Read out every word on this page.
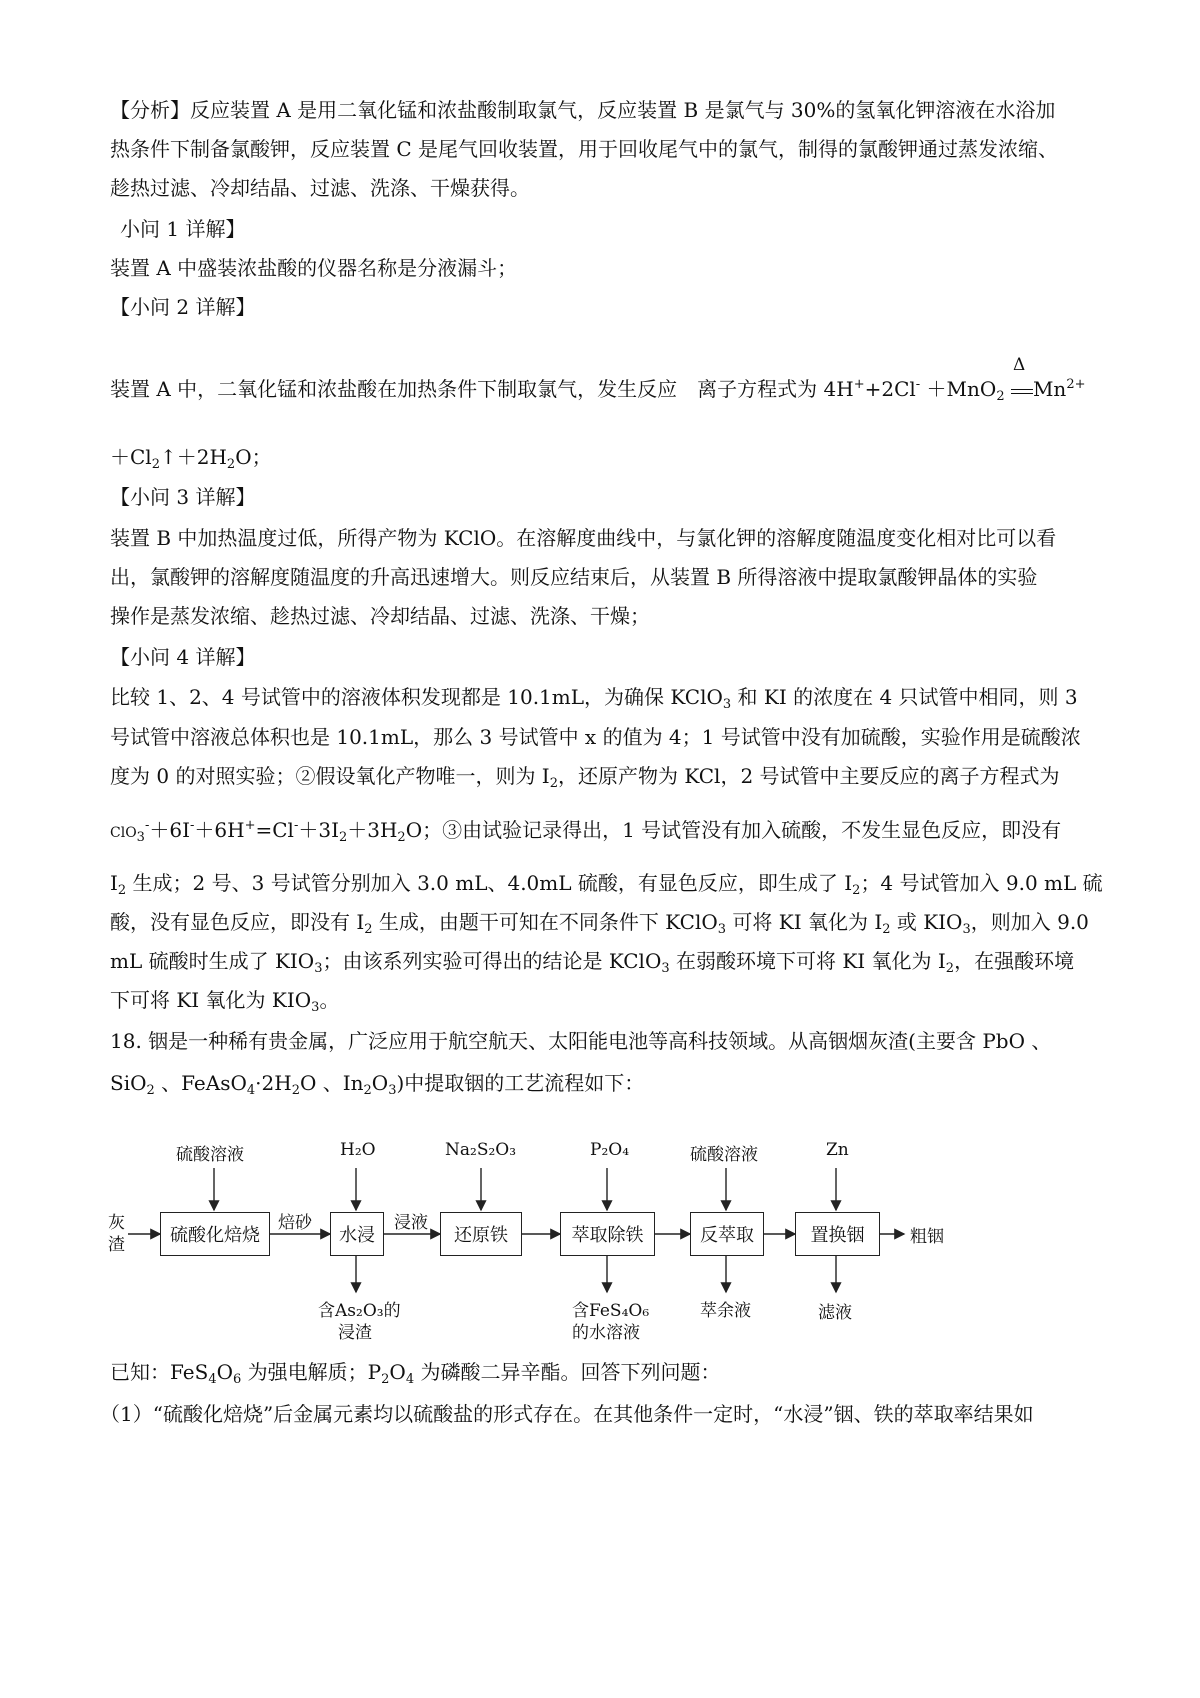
【分析】反应装置 A 是用二氧化锰和浓盐酸制取氯气，反应装置 B 是氯气与 30%的氢氧化钾溶液在水浴加
热条件下制备氯酸钾，反应装置 C 是尾气回收装置，用于回收尾气中的氯气，制得的氯酸钾通过蒸发浓缩、
趁热过滤、冷却结晶、过滤、洗涤、干燥获得。
小问 1 详解】
装置 A 中盛装浓盐酸的仪器名称是分液漏斗；
【小问 2 详解】
装置 A 中，二氧化锰和浓盐酸在加热条件下制取氯气，发生反应　离子方程式为 4H++2Cl- ＋MnO$_2$
Δ
$Mn^{2+}$
$+Cl_2↑+2H_2O$；
【小问 3 详解】
装置 B 中加热温度过低，所得产物为 KClO。在溶解度曲线中，与氯化钾的溶解度随温度变化相对比可以看
出，氯酸钾的溶解度随温度的升高迅速增大。则反应结束后，从装置 B 所得溶液中提取氯酸钾晶体的实验
操作是蒸发浓缩、趁热过滤、冷却结晶、过滤、洗涤、干燥；
【小问 4 详解】
比较 1、2、4 号试管中的溶液体积发现都是 10.1mL，为确保 KClO$_3$ 和 KI 的浓度在 4 只试管中相同，则 3
号试管中溶液总体积也是 10.1mL，那么 3 号试管中 x 的值为 4；1 号试管中没有加硫酸，实验作用是硫酸浓
度为 0 的对照实验；②假设氧化产物唯一，则为 $I_2$，还原产物为 KCl，2 号试管中主要反应的离子方程式为
$ClO_3^-+6I^-+6H^+=Cl^-+3I_2+3H_2O$；③由试验记录得出，1 号试管没有加入硫酸，不发生显色反应，即没有
$I_2$ 生成；2 号、3 号试管分别加入 3.0 mL、4.0mL 硫酸，有显色反应，即生成了 $I_2$；4 号试管加入 9.0 mL 硫
酸，没有显色反应，即没有 $I_2$ 生成，由题干可知在不同条件下 KClO$_3$ 可将 KI 氧化为 $I_2$ 或 $KIO_3$，则加入 9.0
mL 硫酸时生成了 $KIO_3$；由该系列实验可得出的结论是 KClO$_3$ 在弱酸环境下可将 KI 氧化为 $I_2$，在强酸环境
下可将 KI 氧化为 $KIO_3$。
18. 铟是一种稀有贵金属，广泛应用于航空航天、太阳能电池等高科技领域。从高铟烟灰渣(主要含 PbO 、
SiO$_2$ 、$FeAsO_4\cdot 2H_2O$ 、$In_2O_3$)中提取铟的工艺流程如下：
灰
渣	硫酸化焙烧	水浸	还原铁	萃取除铁	反萃取	置换铟
硫酸溶液	H₂O	Na₂S₂O₃	P₂O₄	硫酸溶液	Zn
焙砂	浸液
粗铟
含As₂O₃的
浸渣
含FeS₄O₆
的水溶液
萃余液	滤液
已知：$FeS_4O_6$ 为强电解质；$P_2O_4$ 为磷酸二异辛酯。回答下列问题：
（1）“硫酸化焙烧”后金属元素均以硫酸盐的形式存在。在其他条件一定时，“水浸”铟、铁的萃取率结果如
